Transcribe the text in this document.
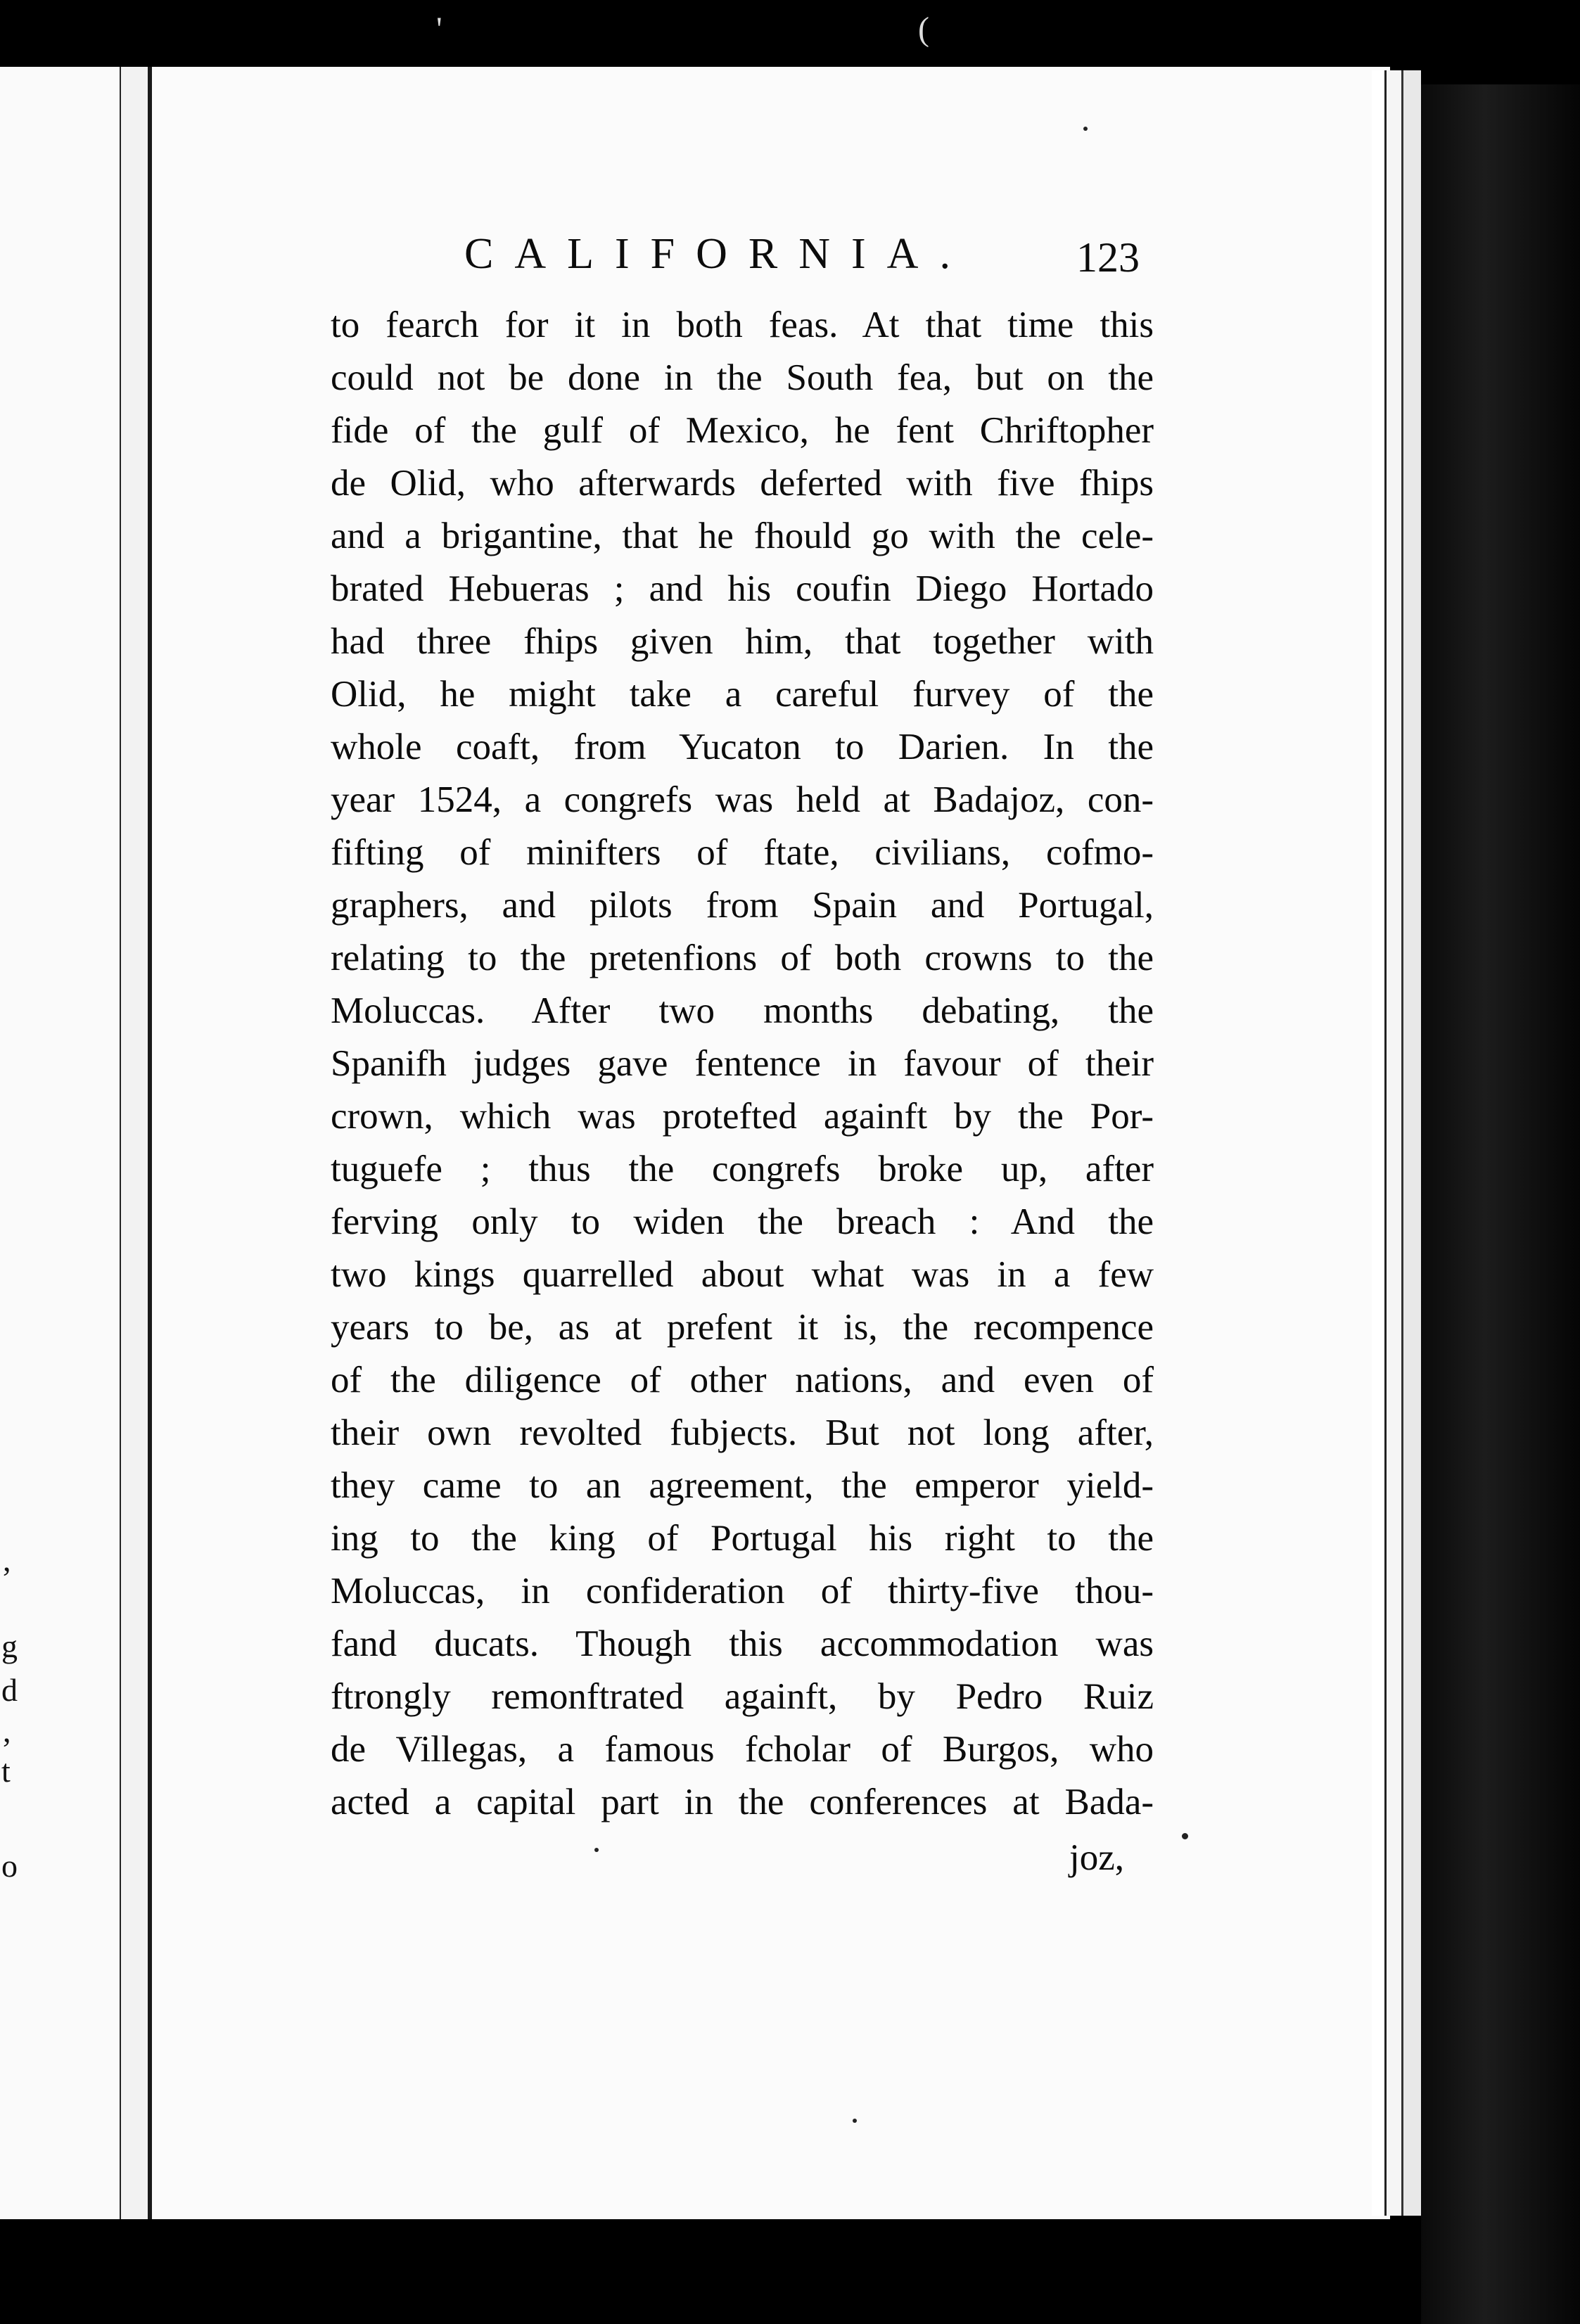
,
g
d
,
t
o
'	(
CALIFORNIA.	123
to fearch for it in both feas. At that time this
could not be done in the South fea, but on the
fide of the gulf of Mexico, he fent Chriftopher
de Olid, who afterwards deferted with five fhips
and a brigantine, that he fhould go with the cele-
brated Hebueras ; and his coufin Diego Hortado
had three fhips given him, that together with
Olid, he might take a careful furvey of the
whole coaft, from Yucaton to Darien. In the
year 1524, a congrefs was held at Badajoz, con-
fifting of minifters of ftate, civilians, cofmo-
graphers, and pilots from Spain and Portugal,
relating to the pretenfions of both crowns to the
Moluccas. After two months debating, the
Spanifh judges gave fentence in favour of their
crown, which was protefted againft by the Por-
tuguefe ; thus the congrefs broke up, after
ferving only to widen the breach : And the
two kings quarrelled about what was in a few
years to be, as at prefent it is, the recompence
of the diligence of other nations, and even of
their own revolted fubjects. But not long after,
they came to an agreement, the emperor yield-
ing to the king of Portugal his right to the
Moluccas, in confideration of thirty-five thou-
fand ducats. Though this accommodation was
ftrongly remonftrated againft, by Pedro Ruiz
de Villegas, a famous fcholar of Burgos, who
acted a capital part in the conferences at Bada-
joz,
